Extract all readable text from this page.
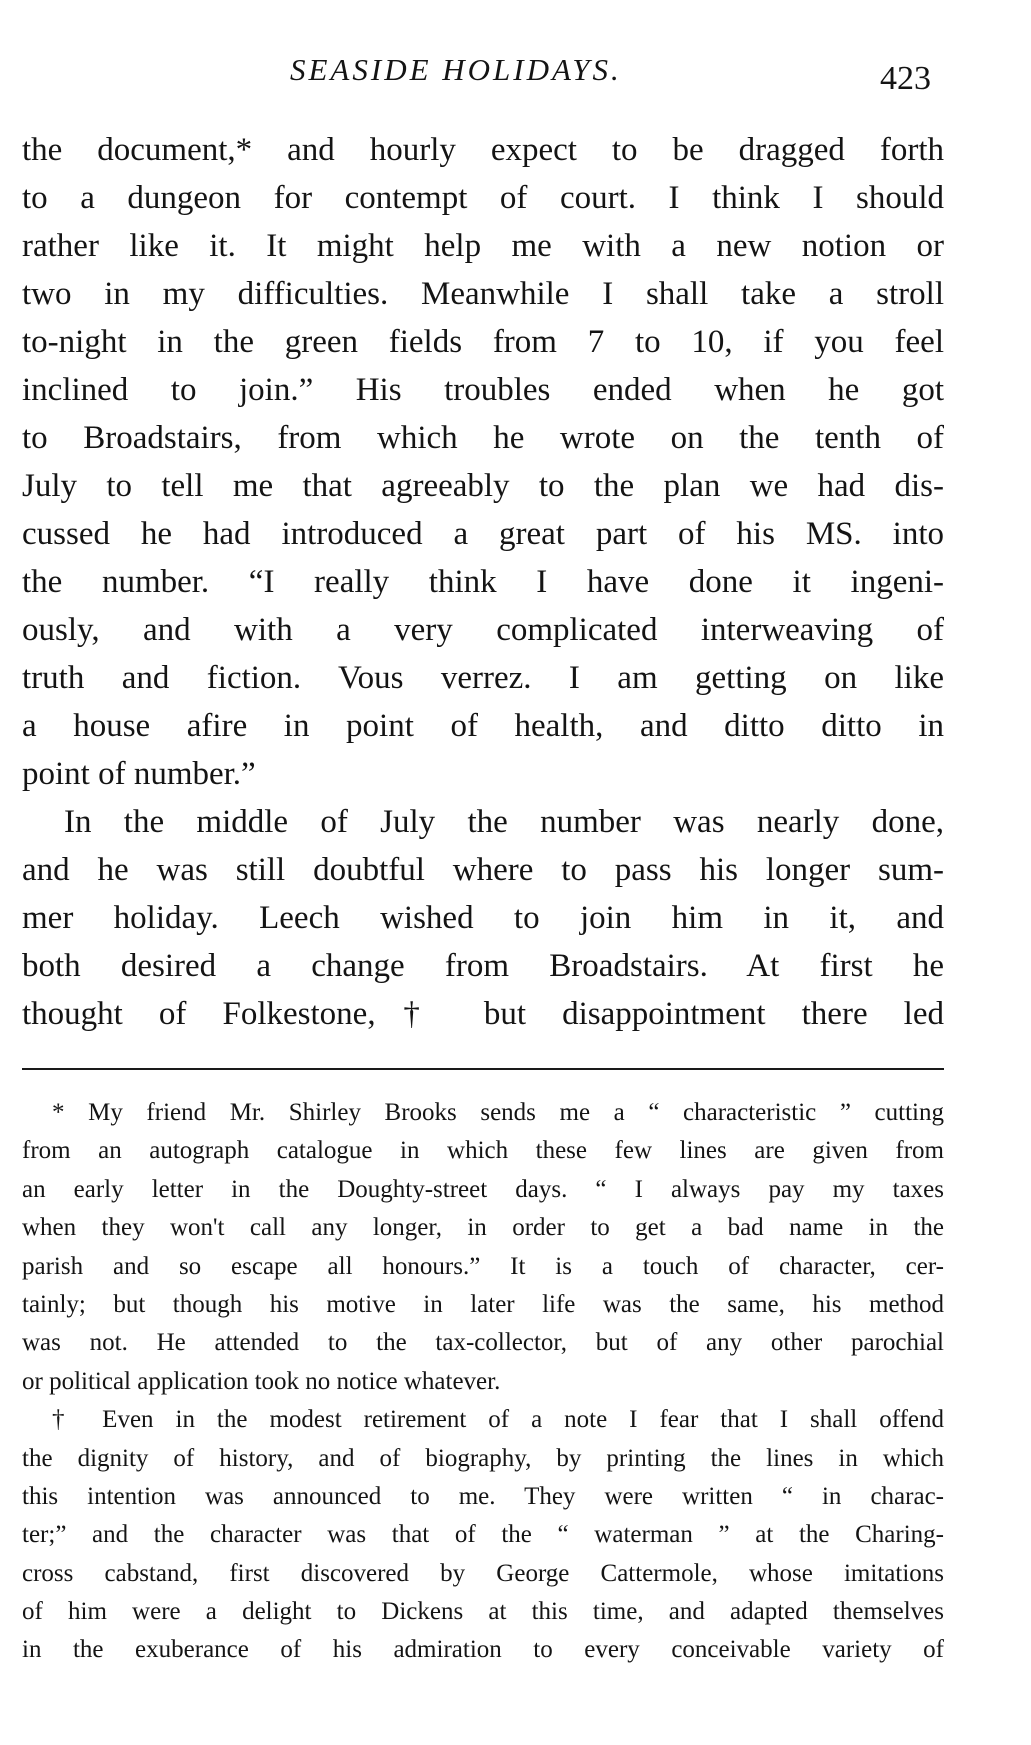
SEASIDE HOLIDAYS.	423
the document,* and hourly expect to be dragged forth
to a dungeon for contempt of court. I think I should
rather like it. It might help me with a new notion or
two in my difficulties. Meanwhile I shall take a stroll
to-night in the green fields from 7 to 10, if you feel
inclined to join.” His troubles ended when he got
to Broadstairs, from which he wrote on the tenth of
July to tell me that agreeably to the plan we had dis-
cussed he had introduced a great part of his MS. into
the number. “I really think I have done it ingeni-
ously, and with a very complicated interweaving of
truth and fiction. Vous verrez. I am getting on like
a house afire in point of health, and ditto ditto in
point of number.”
In the middle of July the number was nearly done,
and he was still doubtful where to pass his longer sum-
mer holiday. Leech wished to join him in it, and
both desired a change from Broadstairs. At first he
thought of Folkestone,† but disappointment there led
* My friend Mr. Shirley Brooks sends me a “ characteristic ” cutting
from an autograph catalogue in which these few lines are given from
an early letter in the Doughty-street days. “ I always pay my taxes
when they won't call any longer, in order to get a bad name in the
parish and so escape all honours.” It is a touch of character, cer-
tainly; but though his motive in later life was the same, his method
was not. He attended to the tax-collector, but of any other parochial
or political application took no notice whatever.
† Even in the modest retirement of a note I fear that I shall offend
the dignity of history, and of biography, by printing the lines in which
this intention was announced to me. They were written “ in charac-
ter;” and the character was that of the “ waterman ” at the Charing-
cross cabstand, first discovered by George Cattermole, whose imitations
of him were a delight to Dickens at this time, and adapted themselves
in the exuberance of his admiration to every conceivable variety of
